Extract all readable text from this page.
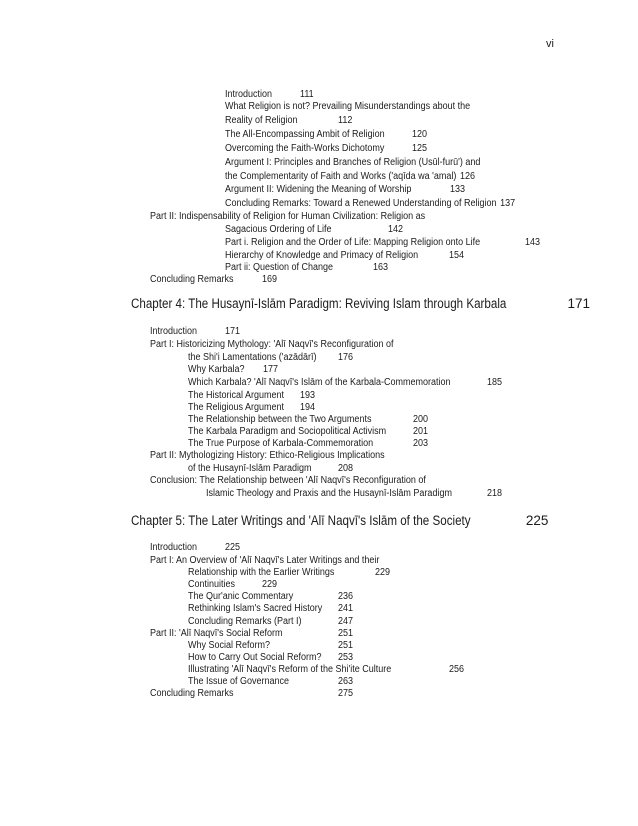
vi
Introduction	111
What Religion is not? Prevailing Misunderstandings about the
Reality of Religion	112
The All-Encompassing Ambit of Religion	120
Overcoming the Faith-Works Dichotomy	125
Argument I: Principles and Branches of Religion (Usūl-furū') and
the Complementarity of Faith and Works ('aqīda wa 'amal) 126
Argument II: Widening the Meaning of Worship	133
Concluding Remarks: Toward a Renewed Understanding of Religion 137
Part II: Indispensability of Religion for Human Civilization: Religion as
Sagacious Ordering of Life	142
Part i. Religion and the Order of Life: Mapping Religion onto Life	143
Hierarchy of Knowledge and Primacy of Religion	154
Part ii: Question of Change	163
Concluding Remarks	169
Chapter 4: The Husaynī-Islām Paradigm: Reviving Islam through Karbala	171
Introduction	171
Part I: Historicizing Mythology: 'Alī Naqvī's Reconfiguration of
the Shi'i Lamentations ('azādārī) 176
Why Karbala? 177
Which Karbala? 'Alī Naqvī's Islām of the Karbala-Commemoration	185
The Historical Argument 193
The Religious Argument 194
The Relationship between the Two Arguments	200
The Karbala Paradigm and Sociopolitical Activism	201
The True Purpose of Karbala-Commemoration	203
Part II: Mythologizing History: Ethico-Religious Implications
of the Husaynī-Islām Paradigm	208
Conclusion: The Relationship between 'Alī Naqvī's Reconfiguration of
Islamic Theology and Praxis and the Husaynī-Islām Paradigm	218
Chapter 5: The Later Writings and 'Alī Naqvī's Islām of the Society	225
Introduction	225
Part I: An Overview of 'Alī Naqvī's Later Writings and their
Relationship with the Earlier Writings	229
Continuities	229
The Qur'anic Commentary	236
Rethinking Islam's Sacred History 241
Concluding Remarks (Part I)	247
Part II: 'Alī Naqvī's Social Reform	251
Why Social Reform?	251
How to Carry Out Social Reform? 253
Illustrating 'Alī Naqvī's Reform of the Shi'ite Culture	256
The Issue of Governance	263
Concluding Remarks	275
